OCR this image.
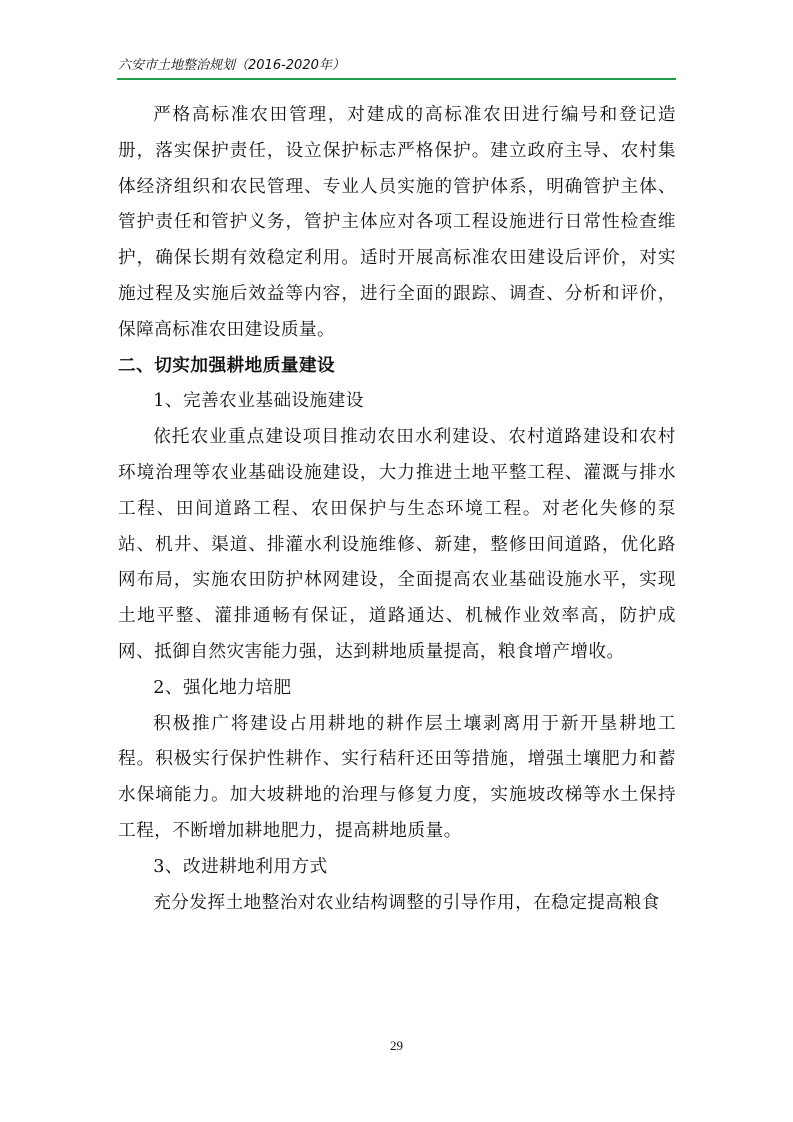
六安市土地整治规划（2016-2020年）

严格高标准农田管理，对建成的高标准农田进行编号和登记造册，落实保护责任，设立保护标志严格保护。建立政府主导、农村集体经济组织和农民管理、专业人员实施的管护体系，明确管护主体、管护责任和管护义务，管护主体应对各项工程设施进行日常性检查维护，确保长期有效稳定利用。适时开展高标准农田建设后评价，对实施过程及实施后效益等内容，进行全面的跟踪、调查、分析和评价，保障高标准农田建设质量。

二、切实加强耕地质量建设

1、完善农业基础设施建设

依托农业重点建设项目推动农田水利建设、农村道路建设和农村环境治理等农业基础设施建设，大力推进土地平整工程、灌溉与排水工程、田间道路工程、农田保护与生态环境工程。对老化失修的泵站、机井、渠道、排灌水利设施维修、新建，整修田间道路，优化路网布局，实施农田防护林网建设，全面提高农业基础设施水平，实现土地平整、灌排通畅有保证，道路通达、机械作业效率高，防护成网、抵御自然灾害能力强，达到耕地质量提高，粮食增产增收。

2、强化地力培肥

积极推广将建设占用耕地的耕作层土壤剥离用于新开垦耕地工程。积极实行保护性耕作、实行秸秆还田等措施，增强土壤肥力和蓄水保墒能力。加大坡耕地的治理与修复力度，实施坡改梯等水土保持工程，不断增加耕地肥力，提高耕地质量。

3、改进耕地利用方式

充分发挥土地整治对农业结构调整的引导作用，在稳定提高粮食

29
